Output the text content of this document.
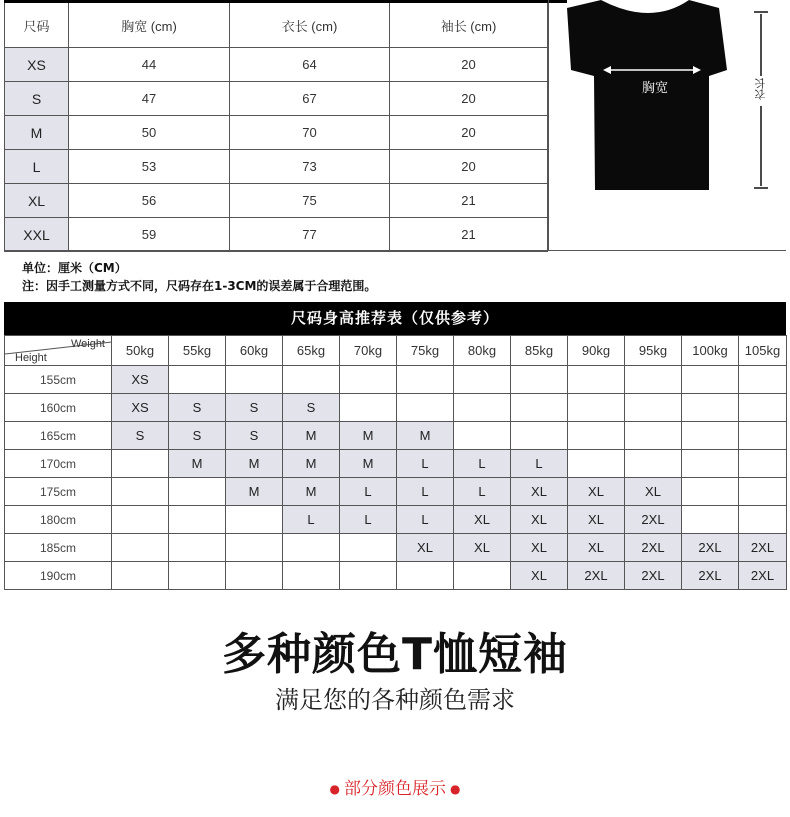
尺码	胸宽 (cm)	衣长 (cm)	袖长 (cm)
XS	44	64	20
S	47	67	20
M	50	70	20
L	53	73	20
XL	56	75	21
XXL	59	77	21
胸宽	衣长
单位：厘米（CM）
注：因手工测量方式不同，尺码存在1-3CM的误差属于合理范围。
尺码身高推荐表（仅供参考）
Weight
Height	50kg	55kg	60kg	65kg	70kg	75kg	80kg	85kg	90kg	95kg	100kg	105kg
155cm	XS											
160cm	XS	S	S	S								
165cm	S	S	S	M	M	M						
170cm		M	M	M	M	L	L	L				
175cm			M	M	L	L	L	XL	XL	XL		
180cm				L	L	L	XL	XL	XL	2XL		
185cm						XL	XL	XL	XL	2XL	2XL	2XL
190cm								XL	2XL	2XL	2XL	2XL
多种颜色T恤短袖
满足您的各种颜色需求
● 部分颜色展示 ●
